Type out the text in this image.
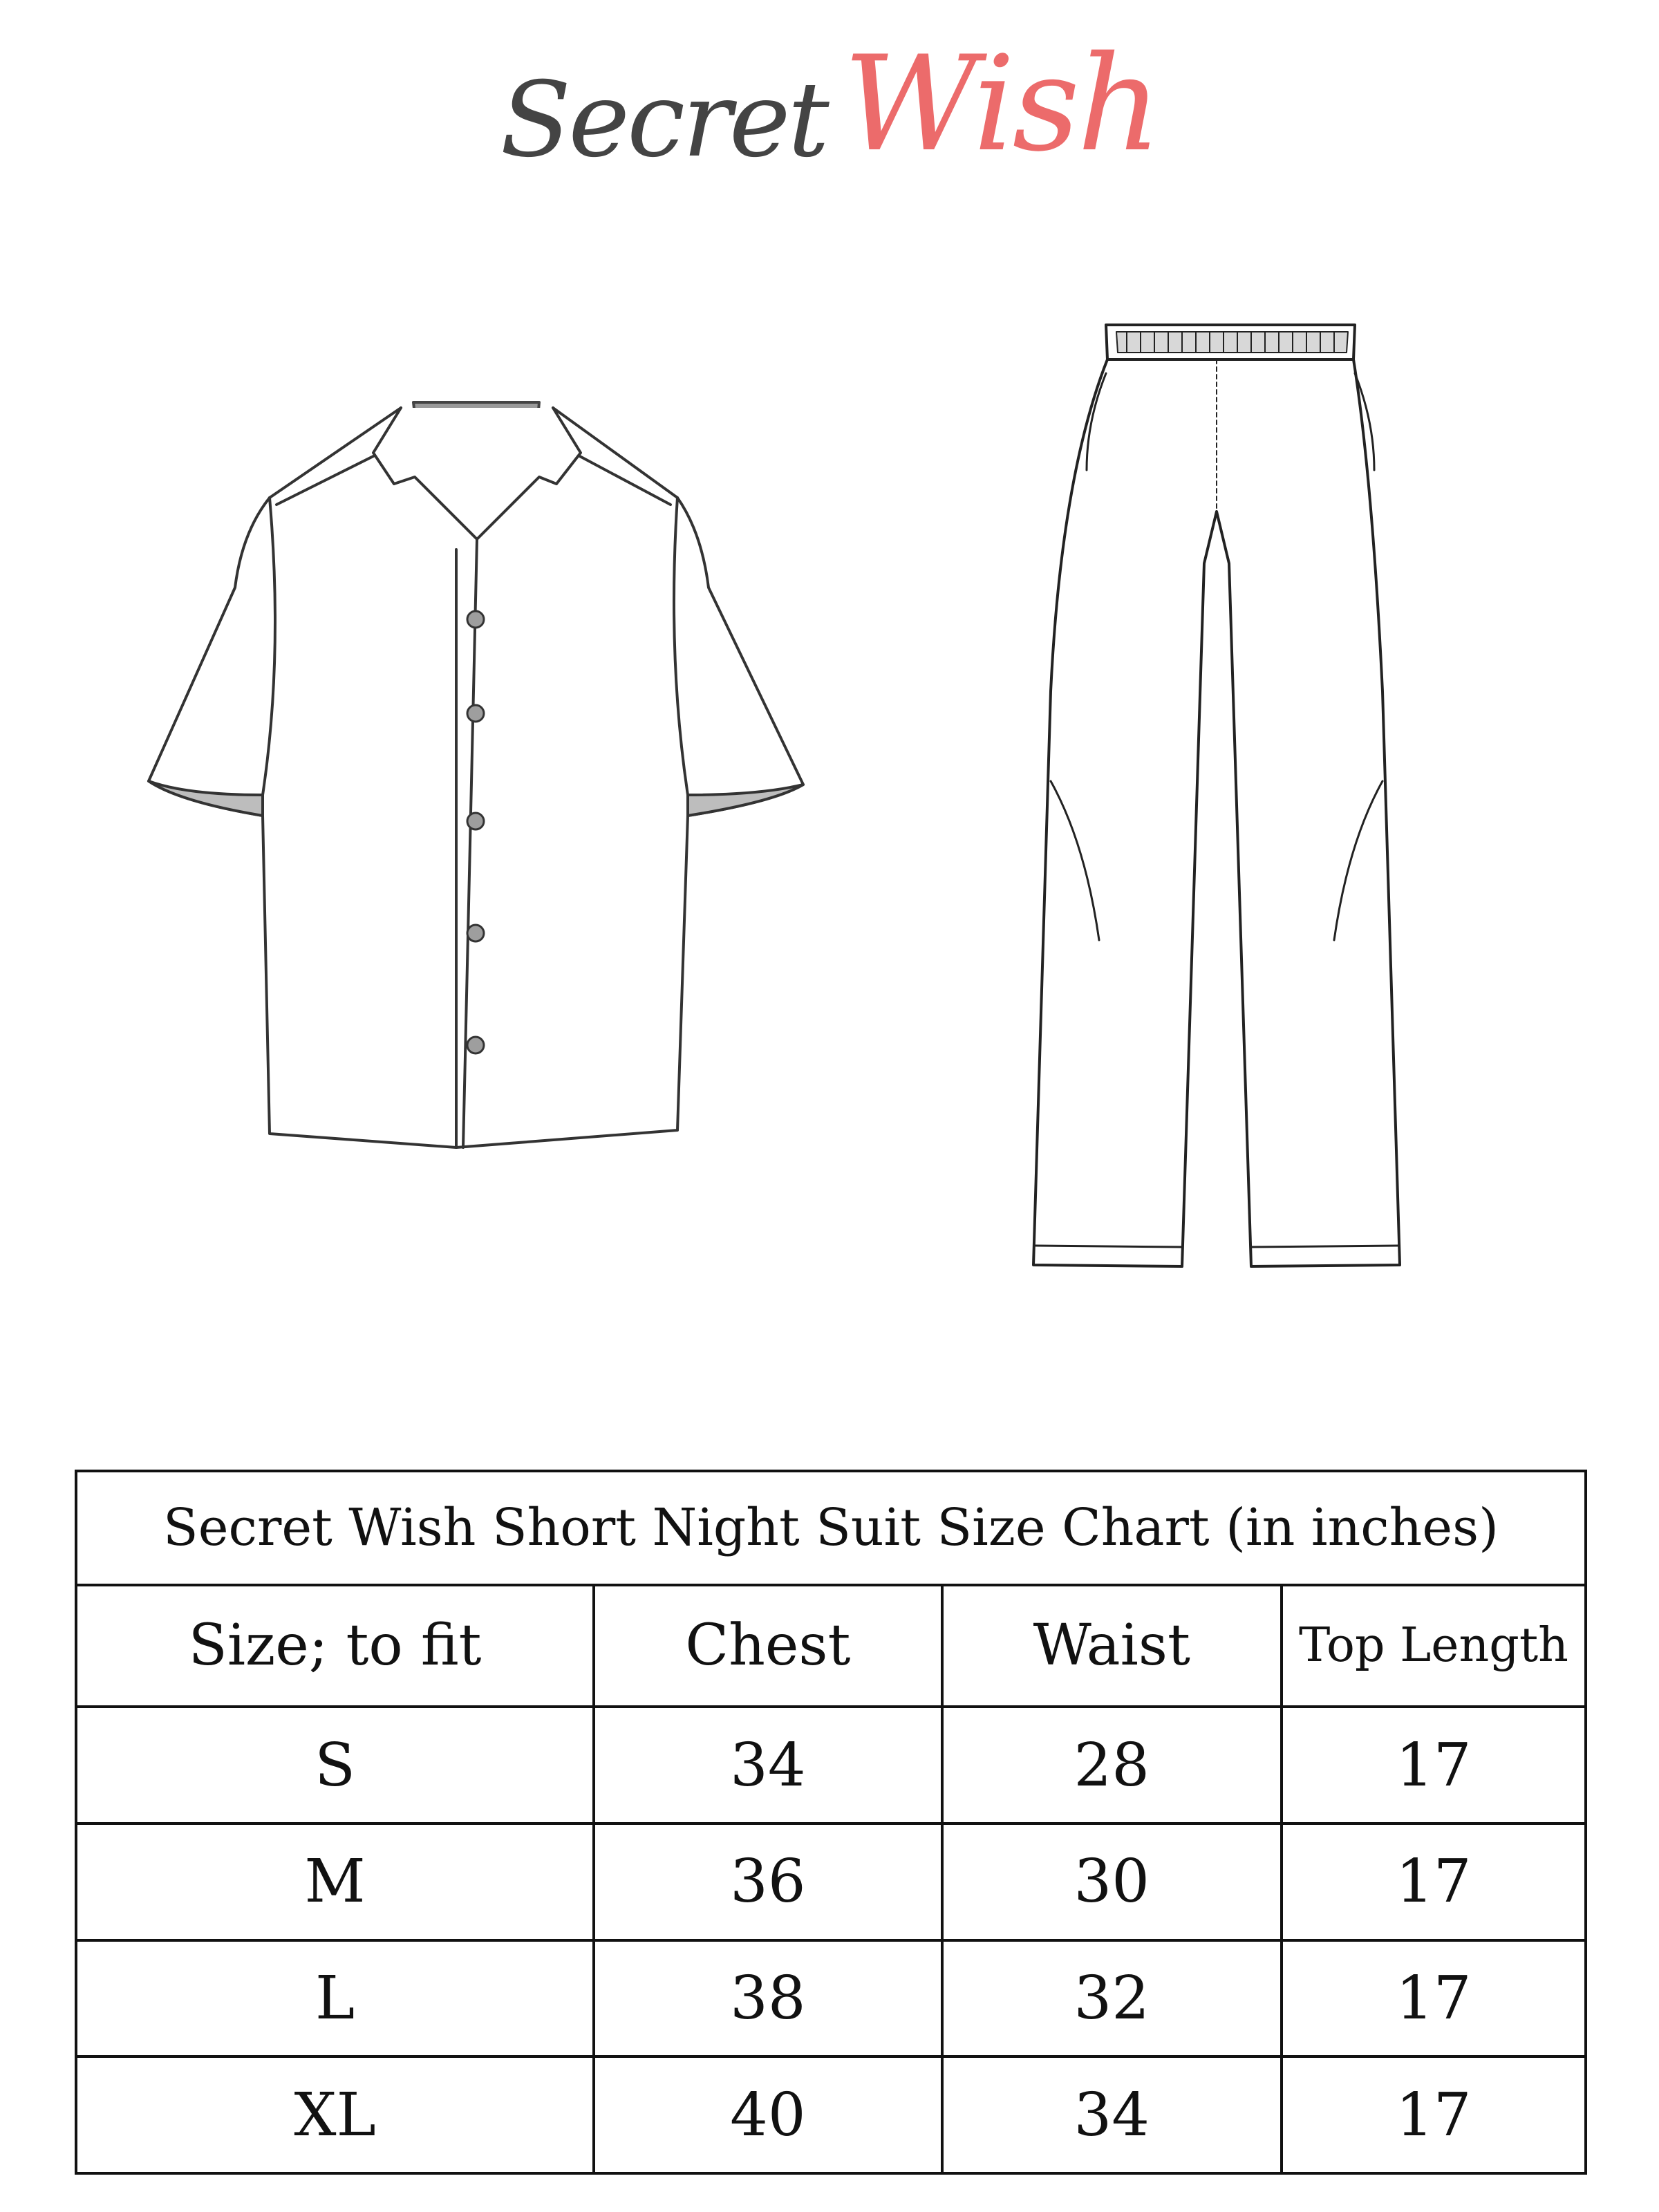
Secret Wish
Secret Wish Short Night Suit Size Chart (in inches)			
Size; to fit	Chest	Waist	Top Length
S	34	28	17
M	36	30	17
L	38	32	17
XL	40	34	17
